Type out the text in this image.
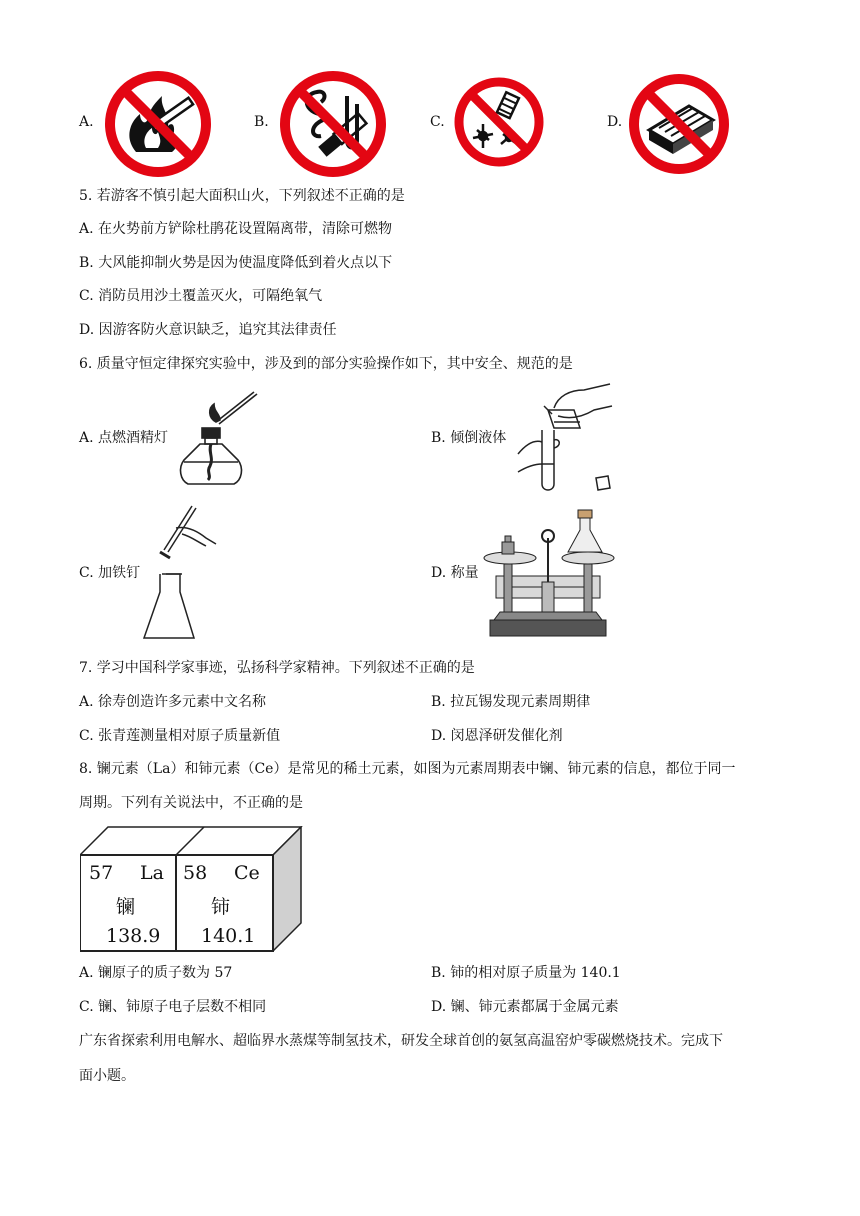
A.	B.	C.	D.
5. 若游客不慎引起大面积山火，下列叙述不正确的是
A. 在火势前方铲除杜鹃花设置隔离带，清除可燃物
B. 大风能抑制火势是因为使温度降低到着火点以下
C. 消防员用沙土覆盖灭火，可隔绝氧气
D. 因游客防火意识缺乏，追究其法律责任
6. 质量守恒定律探究实验中，涉及到的部分实验操作如下，其中安全、规范的是
A. 点燃酒精灯	B. 倾倒液体
C. 加铁钉	D. 称量
7. 学习中国科学家事迹，弘扬科学家精神。下列叙述不正确的是
A. 徐寿创造许多元素中文名称	B. 拉瓦锡发现元素周期律
C. 张青莲测量相对原子质量新值	D. 闵恩泽研发催化剂
8. 镧元素（La）和铈元素（Ce）是常见的稀土元素，如图为元素周期表中镧、铈元素的信息，都位于同一
周期。下列有关说法中，不正确的是
57 La
镧
138.9
58 Ce
铈
140.1
A. 镧原子的质子数为 57	B. 铈的相对原子质量为 140.1
C. 镧、铈原子电子层数不相同	D. 镧、铈元素都属于金属元素
广东省探索利用电解水、超临界水蒸煤等制氢技术，研发全球首创的氨氢高温窑炉零碳燃烧技术。完成下
面小题。
